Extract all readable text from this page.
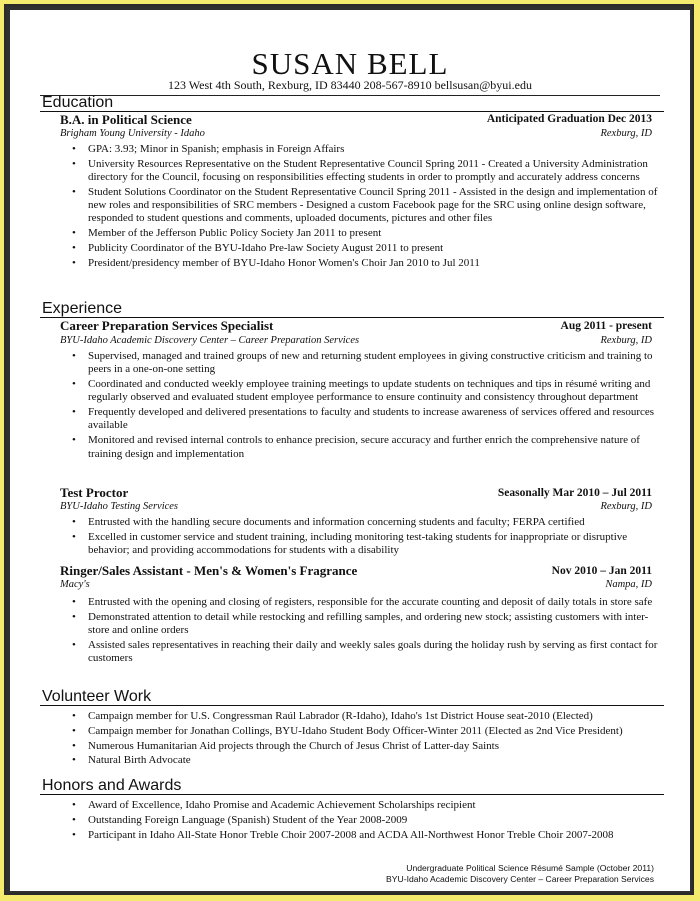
SUSAN BELL
123 West 4th South, Rexburg, ID 83440 208-567-8910 bellsusan@byui.edu
Education
B.A. in Political Science	Anticipated Graduation Dec 2013
Brigham Young University - Idaho	Rexburg, ID
• GPA: 3.93; Minor in Spanish; emphasis in Foreign Affairs
• University Resources Representative on the Student Representative Council Spring 2011 - Created a University Administration directory for the Council, focusing on responsibilities effecting students in order to promptly and accurately address concerns
• Student Solutions Coordinator on the Student Representative Council Spring 2011 - Assisted in the design and implementation of new roles and responsibilities of SRC members - Designed a custom Facebook page for the SRC using online design software, responded to student questions and comments, uploaded documents, pictures and other files
• Member of the Jefferson Public Policy Society Jan 2011 to present
• Publicity Coordinator of the BYU-Idaho Pre-law Society August 2011 to present
• President/presidency member of BYU-Idaho Honor Women's Choir Jan 2010 to Jul 2011
Experience
Career Preparation Services Specialist	Aug 2011 - present
BYU-Idaho Academic Discovery Center – Career Preparation Services	Rexburg, ID
• Supervised, managed and trained groups of new and returning student employees in giving constructive criticism and training to peers in a one-on-one setting
• Coordinated and conducted weekly employee training meetings to update students on techniques and tips in résumé writing and regularly observed and evaluated student employee performance to ensure continuity and consistency throughout department
• Frequently developed and delivered presentations to faculty and students to increase awareness of services offered and resources available
• Monitored and revised internal controls to enhance precision, secure accuracy and further enrich the comprehensive nature of training design and implementation
Test Proctor	Seasonally Mar 2010 – Jul 2011
BYU-Idaho Testing Services	Rexburg, ID
• Entrusted with the handling secure documents and information concerning students and faculty; FERPA certified
• Excelled in customer service and student training, including monitoring test-taking students for inappropriate or disruptive behavior; and providing accommodations for students with a disability
Ringer/Sales Assistant - Men's & Women's Fragrance	Nov 2010 – Jan 2011
Macy's	Nampa, ID
• Entrusted with the opening and closing of registers, responsible for the accurate counting and deposit of daily totals in store safe
• Demonstrated attention to detail while restocking and refilling samples, and ordering new stock; assisting customers with inter-store and online orders
• Assisted sales representatives in reaching their daily and weekly sales goals during the holiday rush by serving as first contact for customers
Volunteer Work
• Campaign member for U.S. Congressman Raúl Labrador (R-Idaho), Idaho's 1st District House seat-2010 (Elected)
• Campaign member for Jonathan Collings, BYU-Idaho Student Body Officer-Winter 2011 (Elected as 2nd Vice President)
• Numerous Humanitarian Aid projects through the Church of Jesus Christ of Latter-day Saints
• Natural Birth Advocate
Honors and Awards
• Award of Excellence, Idaho Promise and Academic Achievement Scholarships recipient
• Outstanding Foreign Language (Spanish) Student of the Year 2008-2009
• Participant in Idaho All-State Honor Treble Choir 2007-2008 and ACDA All-Northwest Honor Treble Choir 2007-2008
Undergraduate Political Science Résumé Sample (October 2011)
BYU-Idaho Academic Discovery Center – Career Preparation Services
